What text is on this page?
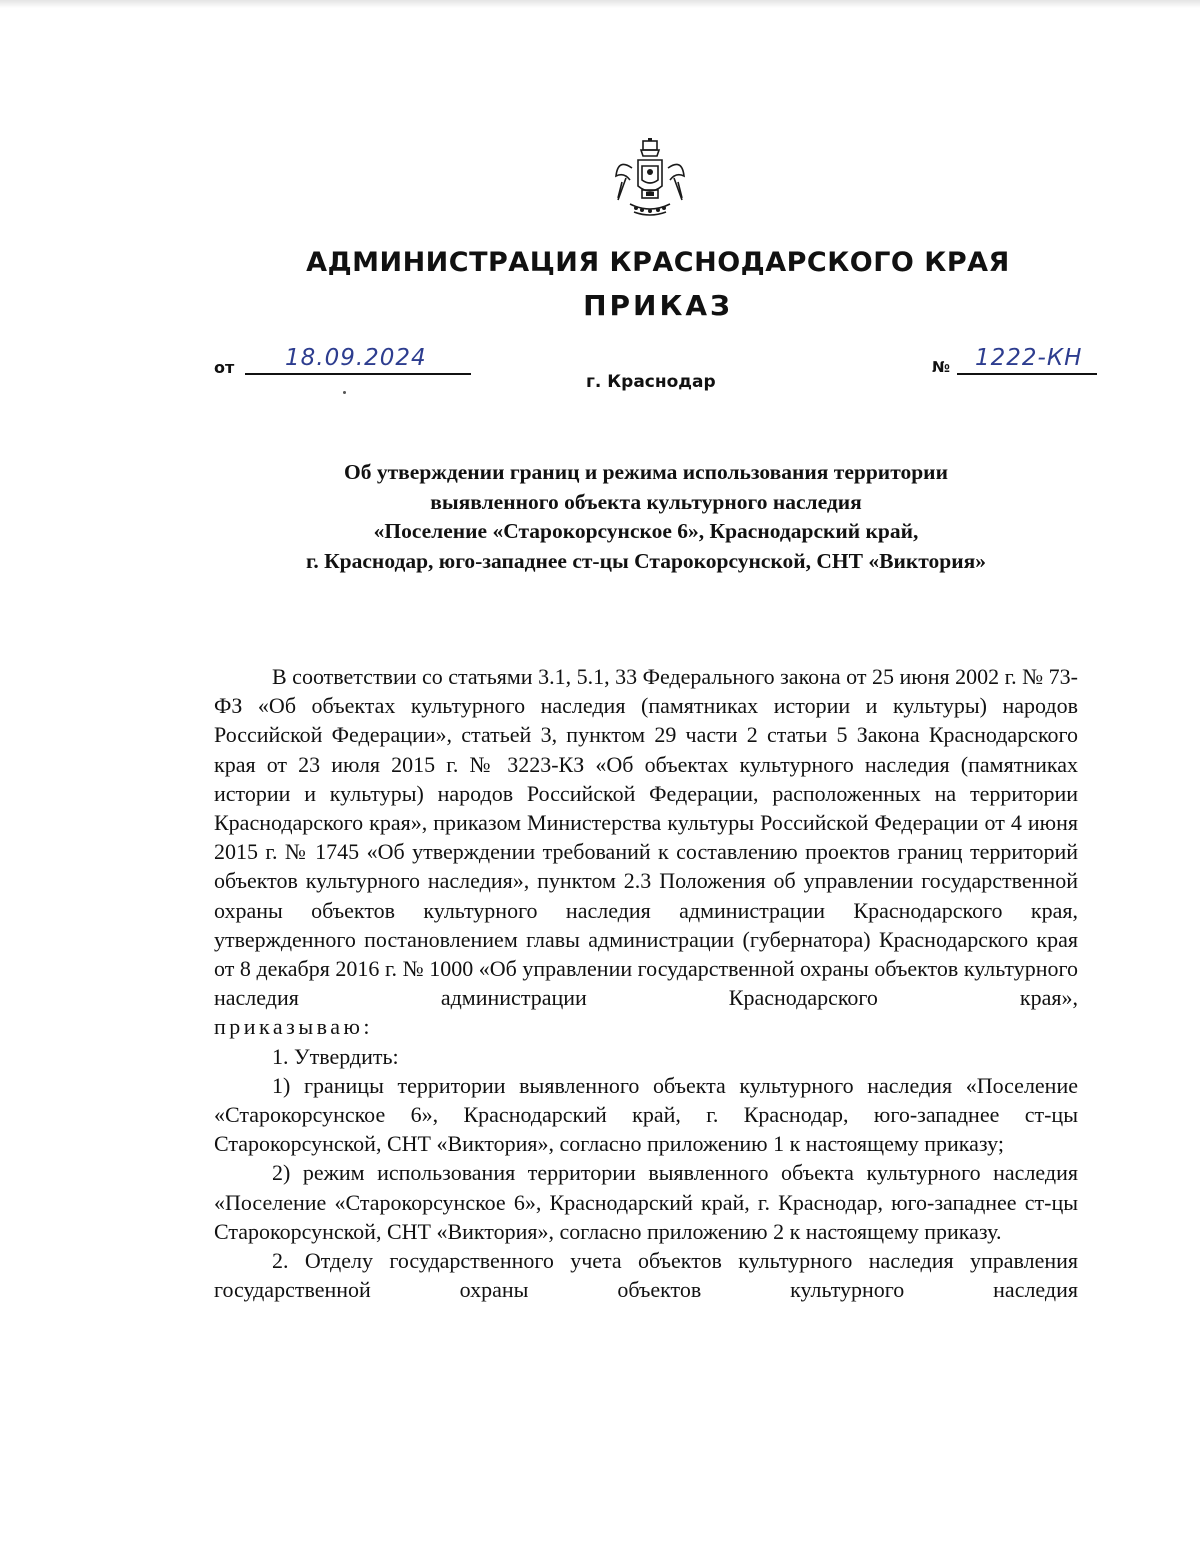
АДМИНИСТРАЦИЯ КРАСНОДАРСКОГО КРАЯ
ПРИКАЗ
от 18.09.2024
г. Краснодар
№ 1222-КН
Об утверждении границ и режима использования территории
выявленного объекта культурного наследия
«Поселение «Старокорсунское 6», Краснодарский край,
г. Краснодар, юго-западнее ст-цы Старокорсунской, СНТ «Виктория»

В соответствии со статьями 3.1, 5.1, 33 Федерального закона от 25 июня 2002 г. № 73-ФЗ «Об объектах культурного наследия (памятниках истории и культуры) народов Российской Федерации», статьей 3, пунктом 29 части 2 статьи 5 Закона Краснодарского края от 23 июля 2015 г. № 3223-КЗ «Об объектах культурного наследия (памятниках истории и культуры) народов Российской Федерации, расположенных на территории Краснодарского края», приказом Министерства культуры Российской Федерации от 4 июня 2015 г. № 1745 «Об утверждении требований к составлению проектов границ территорий объектов культурного наследия», пунктом 2.3 Положения об управлении государственной охраны объектов культурного наследия администрации Краснодарского края, утвержденного постановлением главы администрации (губернатора) Краснодарского края от 8 декабря 2016 г. № 1000 «Об управлении государственной охраны объектов культурного наследия администрации Краснодарского края»,

приказываю:

1. Утвердить:

1) границы территории выявленного объекта культурного наследия «Поселение «Старокорсунское 6», Краснодарский край, г. Краснодар, юго-западнее ст-цы Старокорсунской, СНТ «Виктория», согласно приложению 1 к настоящему приказу;

2) режим использования территории выявленного объекта культурного наследия «Поселение «Старокорсунское 6», Краснодарский край, г. Краснодар, юго-западнее ст-цы Старокорсунской, СНТ «Виктория», согласно приложению 2 к настоящему приказу.

2. Отделу государственного учета объектов культурного наследия управления государственной охраны объектов культурного наследия
